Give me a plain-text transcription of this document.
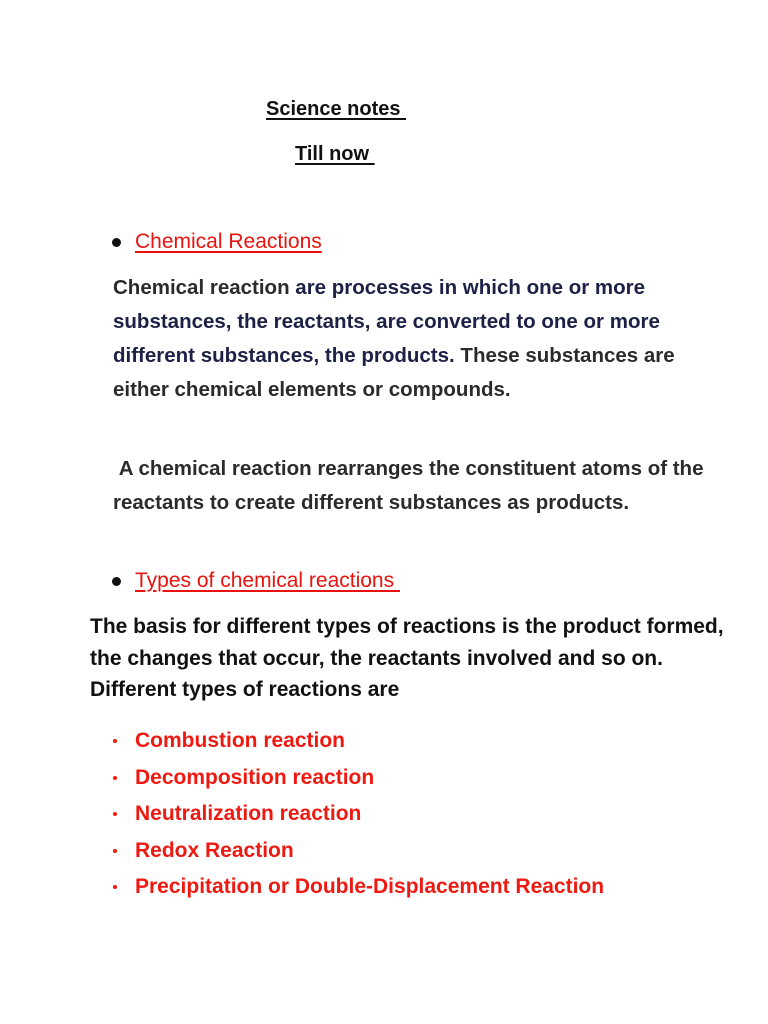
Science notes
Till now
Chemical Reactions

Chemical reaction are processes in which one or more substances, the reactants, are converted to one or more different substances, the products. These substances are either chemical elements or compounds.

A chemical reaction rearranges the constituent atoms of the reactants to create different substances as products.

Types of chemical reactions

The basis for different types of reactions is the product formed, the changes that occur, the reactants involved and so on. Different types of reactions are

Combustion reaction
Decomposition reaction
Neutralization reaction
Redox Reaction
Precipitation or Double-Displacement Reaction
